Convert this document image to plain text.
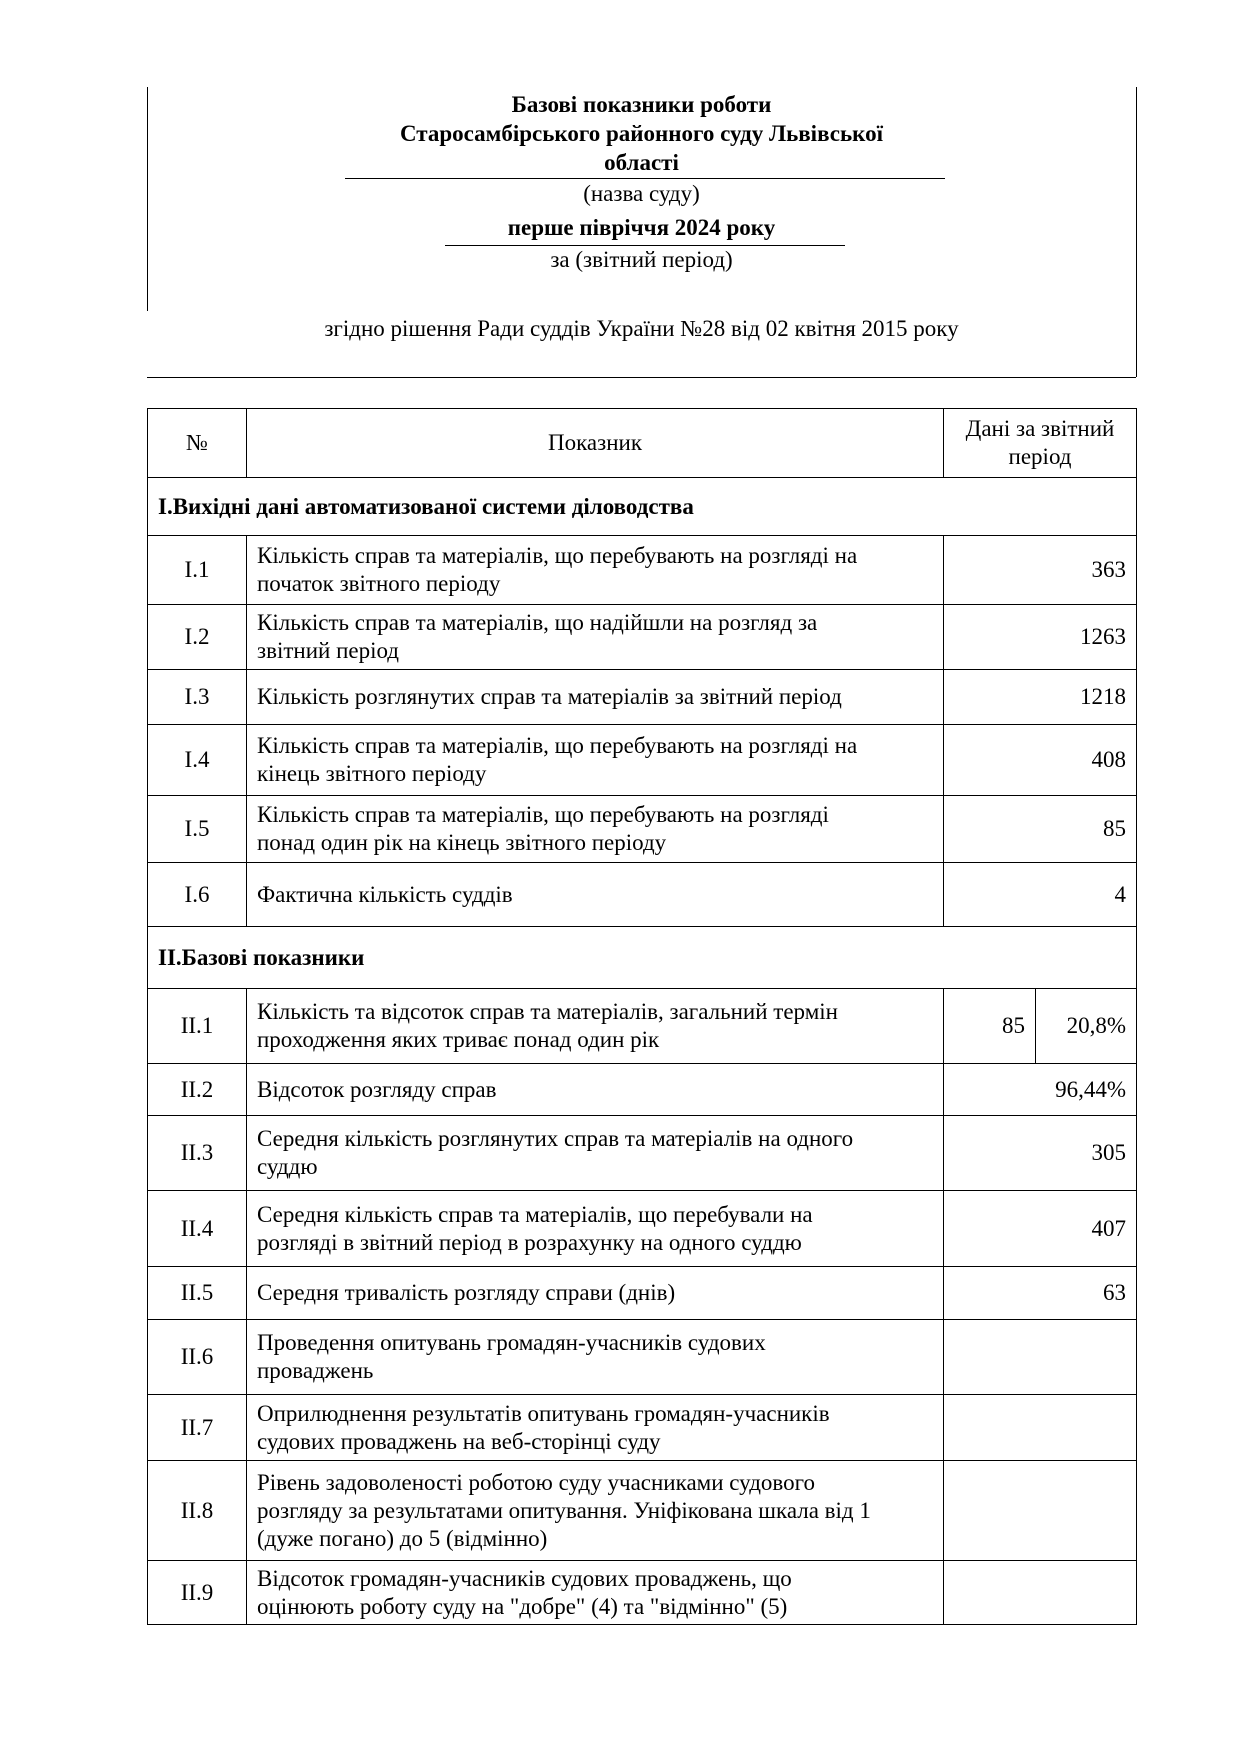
Базові показники роботи
Старосамбірського районного суду Львівської
області
(назва суду)
перше півріччя 2024 року
за (звітний період)
згідно рішення Ради суддів України №28 від 02 квітня 2015 року
№	Показник	Дані за звітний
період	

І.Вихідні дані автоматизованої системи діловодства			
І.1	Кількість справ та матеріалів, що перебувають на розгляді на
початок звітного періоду	363	
І.2	Кількість справ та матеріалів, що надійшли на розгляд за
звітний період	1263	
І.3	Кількість розглянутих справ та матеріалів за звітний період	1218	
І.4	Кількість справ та матеріалів, що перебувають на розгляді на
кінець звітного періоду	408	
І.5	Кількість справ та матеріалів, що перебувають на розгляді
понад один рік на кінець звітного періоду	85	
І.6	Фактична кількість суддів	4	
ІІ.Базові показники			
ІІ.1	Кількість та відсоток справ та матеріалів, загальний термін
проходження яких триває понад один рік	85	20,8%
ІІ.2	Відсоток розгляду справ	96,44%	
ІІ.3	Середня кількість розглянутих справ та матеріалів на одного
суддю	305	
ІІ.4	Середня кількість справ та матеріалів, що перебували на
розгляді в звітний період в розрахунку на одного суддю	407	
ІІ.5	Середня тривалість розгляду справи (днів)	63	
ІІ.6	Проведення опитувань громадян-учасників судових
проваджень		

ІІ.7	Оприлюднення результатів опитувань громадян-учасників
судових проваджень на веб-сторінці суду		

ІІ.8	Рівень задоволеності роботою суду учасниками судового
розгляду за результатами опитування. Уніфікована шкала від 1
(дуже погано) до 5 (відмінно)		

ІІ.9	Відсоток громадян-учасників судових проваджень, що
оцінюють роботу суду на "добре" (4) та "відмінно" (5)		
